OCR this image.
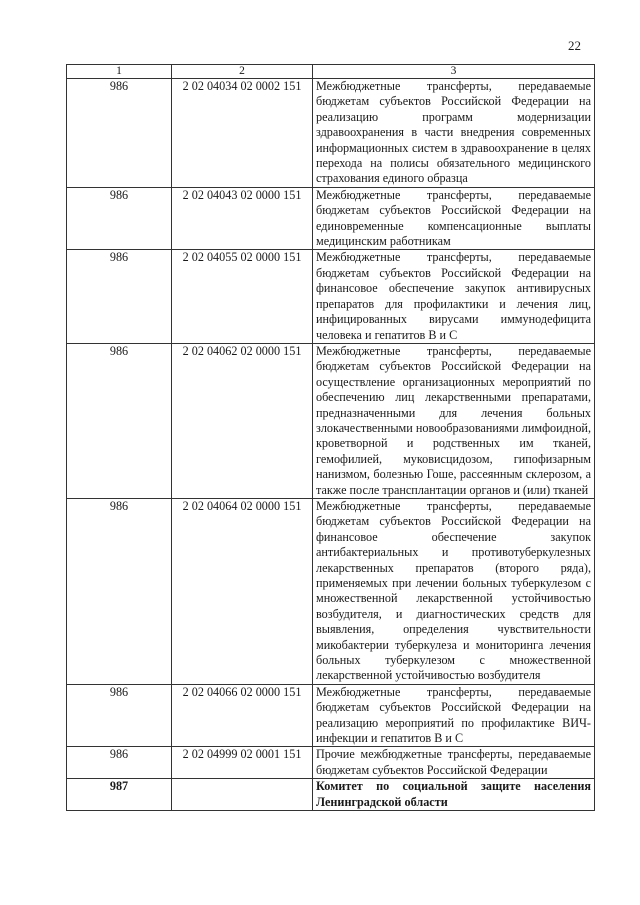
22
1	2	3
986	2 02 04034 02 0002 151	Межбюджетные трансферты, передаваемые бюджетам субъектов Российской Федерации на реализацию программ модернизации здравоохранения в части внедрения современных информационных систем в здравоохранение в целях перехода на полисы обязательного медицинского страхования единого образца
986	2 02 04043 02 0000 151	Межбюджетные трансферты, передаваемые бюджетам субъектов Российской Федерации на единовременные компенсационные выплаты медицинским работникам
986	2 02 04055 02 0000 151	Межбюджетные трансферты, передаваемые бюджетам субъектов Российской Федерации на финансовое обеспечение закупок антивирусных препаратов для профилактики и лечения лиц, инфицированных вирусами иммунодефицита человека и гепатитов В и С
986	2 02 04062 02 0000 151	Межбюджетные трансферты, передаваемые бюджетам субъектов Российской Федерации на осуществление организационных мероприятий по обеспечению лиц лекарственными препаратами, предназначенными для лечения больных злокачественными новообразованиями лимфоидной, кроветворной и родственных им тканей, гемофилией, муковисцидозом, гипофизарным нанизмом, болезнью Гоше, рассеянным склерозом, а также после трансплантации органов и (или) тканей
986	2 02 04064 02 0000 151	Межбюджетные трансферты, передаваемые бюджетам субъектов Российской Федерации на финансовое обеспечение закупок антибактериальных и противотуберкулезных лекарственных препаратов (второго ряда), применяемых при лечении больных туберкулезом с множественной лекарственной устойчивостью возбудителя, и диагностических средств для выявления, определения чувствительности микобактерии туберкулеза и мониторинга лечения больных туберкулезом с множественной лекарственной устойчивостью возбудителя
986	2 02 04066 02 0000 151	Межбюджетные трансферты, передаваемые бюджетам субъектов Российской Федерации на реализацию мероприятий по профилактике ВИЧ-инфекции и гепатитов В и С
986	2 02 04999 02 0001 151	Прочие межбюджетные трансферты, передаваемые бюджетам субъектов Российской Федерации
987		Комитет по социальной защите населения Ленинградской области
